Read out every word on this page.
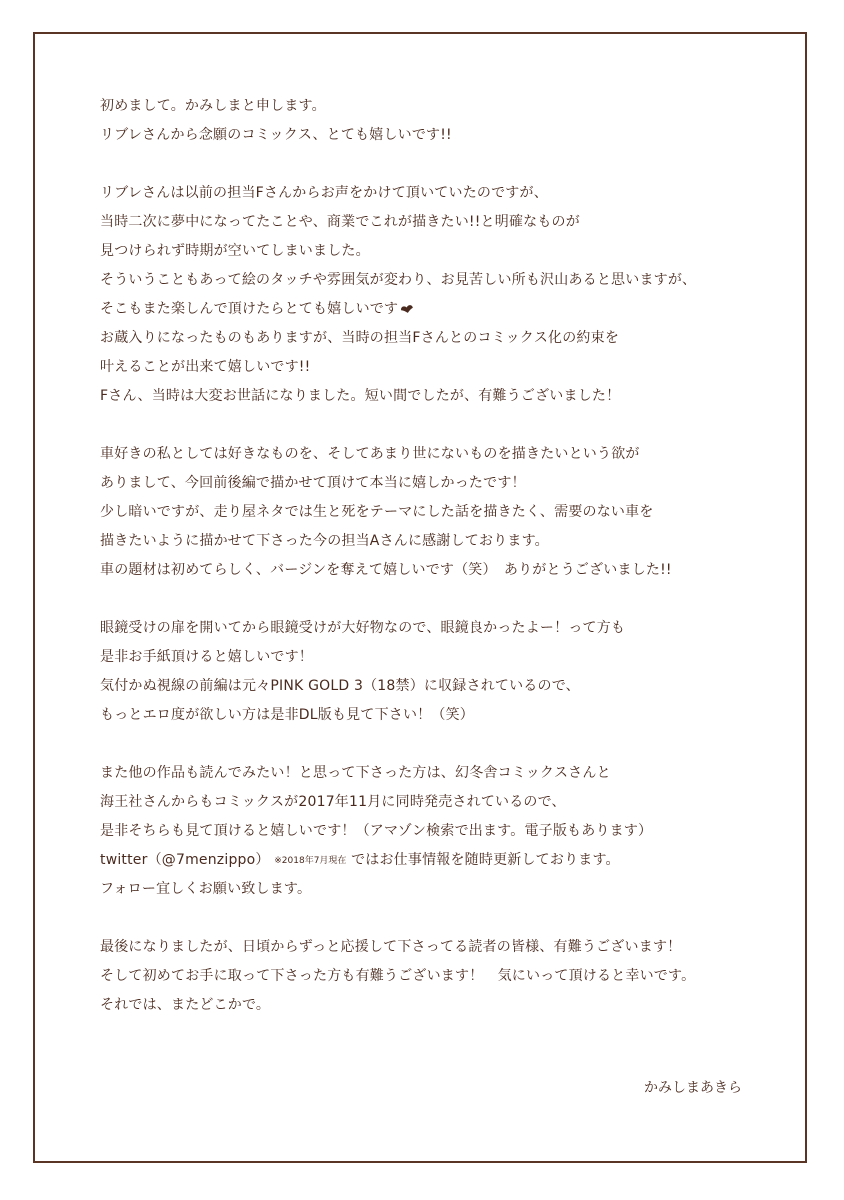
初めまして。かみしまと申します。
リブレさんから念願のコミックス、とても嬉しいです!!
リブレさんは以前の担当Fさんからお声をかけて頂いていたのですが、
当時二次に夢中になってたことや、商業でこれが描きたい!!と明確なものが
見つけられず時期が空いてしまいました。
そういうこともあって絵のタッチや雰囲気が変わり、お見苦しい所も沢山あると思いますが、
そこもまた楽しんで頂けたらとても嬉しいです
お蔵入りになったものもありますが、当時の担当Fさんとのコミックス化の約束を
叶えることが出来て嬉しいです!!
Fさん、当時は大変お世話になりました。短い間でしたが、有難うございました！
車好きの私としては好きなものを、そしてあまり世にないものを描きたいという欲が
ありまして、今回前後編で描かせて頂けて本当に嬉しかったです！
少し暗いですが、走り屋ネタでは生と死をテーマにした話を描きたく、需要のない車を
描きたいように描かせて下さった今の担当Aさんに感謝しております。
車の題材は初めてらしく、バージンを奪えて嬉しいです（笑）　ありがとうございました!!
眼鏡受けの扉を開いてから眼鏡受けが大好物なので、眼鏡良かったよー！って方も
是非お手紙頂けると嬉しいです！
気付かぬ視線の前編は元々PINK GOLD 3（18禁）に収録されているので、
もっとエロ度が欲しい方は是非DL版も見て下さい！（笑）
また他の作品も読んでみたい！と思って下さった方は、幻冬舎コミックスさんと
海王社さんからもコミックスが2017年11月に同時発売されているので、
是非そちらも見て頂けると嬉しいです！（アマゾン検索で出ます。電子版もあります）
twitter（@7menzippo） ※2018年7月現在 ではお仕事情報を随時更新しております。
フォロー宜しくお願い致します。
最後になりましたが、日頃からずっと応援して下さってる読者の皆様、有難うございます！
そして初めてお手に取って下さった方も有難うございます！　気にいって頂けると幸いです。
それでは、またどこかで。
かみしまあきら
